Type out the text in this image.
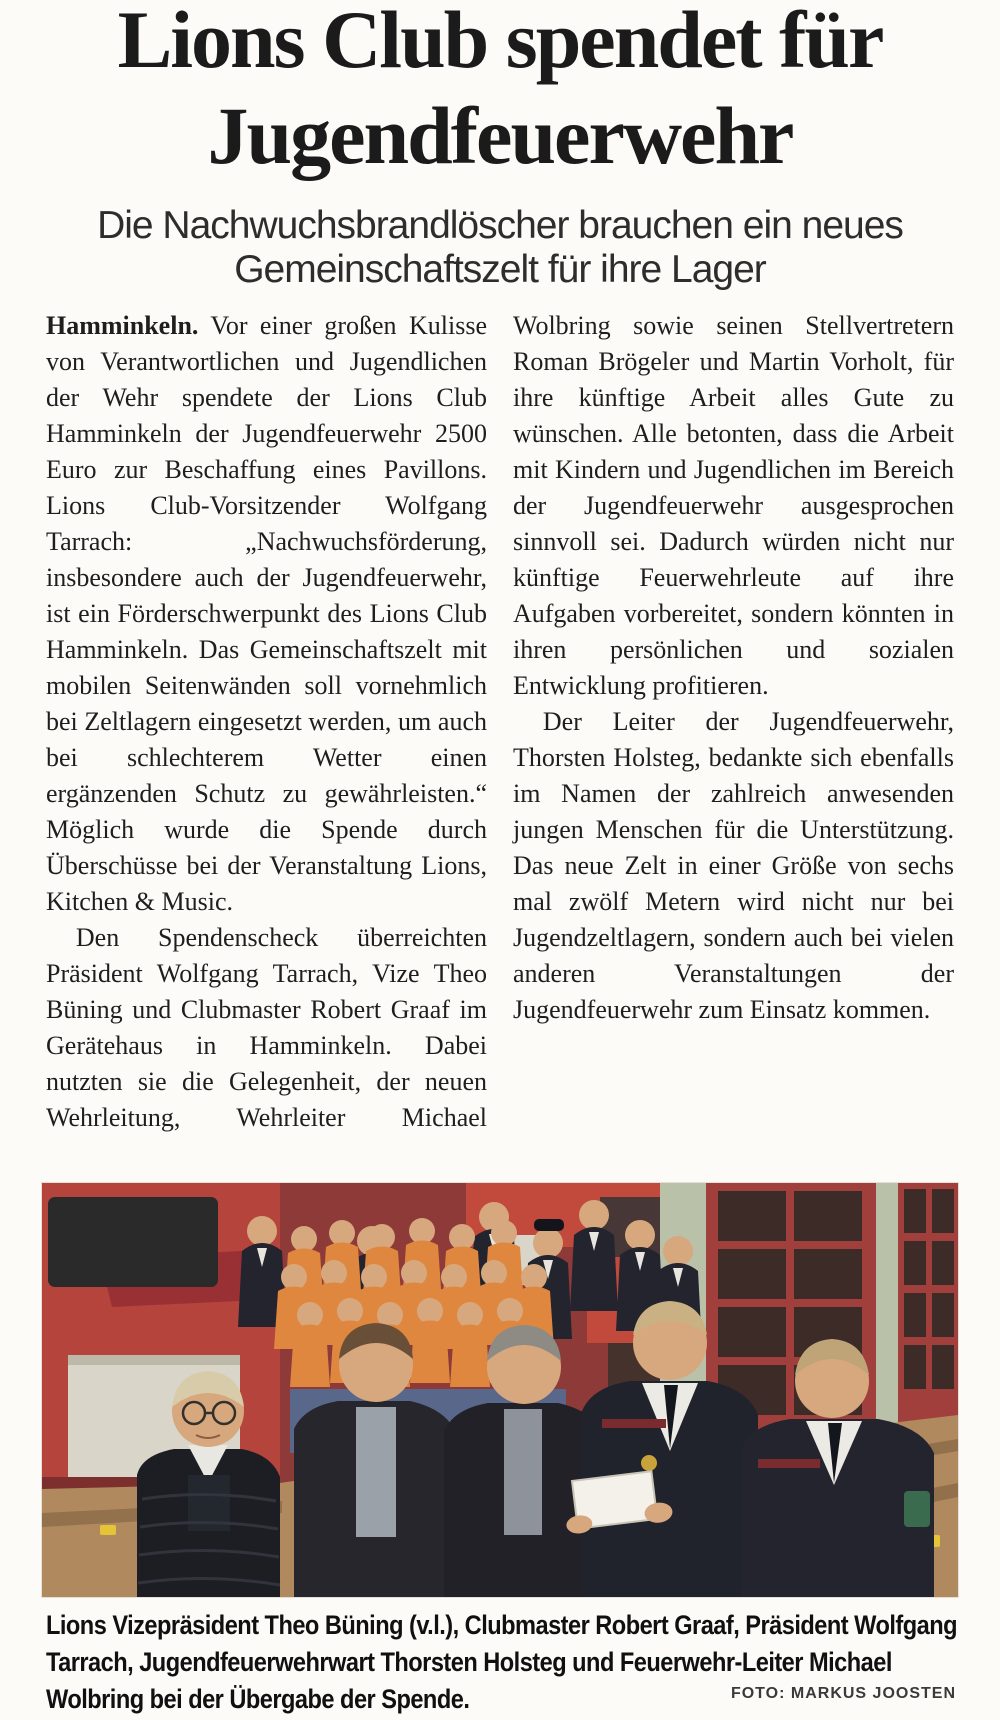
Lions Club spendet für
Jugendfeuerwehr
Die Nachwuchsbrandlöscher brauchen ein neues
Gemeinschaftszelt für ihre Lager

Hamminkeln. Vor einer großen Kulisse von Verantwortlichen und Jugendlichen der Wehr spendete der Lions Club Hamminkeln der Jugendfeuerwehr 2500 Euro zur Beschaffung eines Pavillons. Lions Club-Vorsitzender Wolfgang Tarrach: „Nachwuchsförderung, insbesondere auch der Jugendfeuerwehr, ist ein Förderschwerpunkt des Lions Club Hamminkeln. Das Gemeinschaftszelt mit mobilen Seitenwänden soll vornehmlich bei Zeltlagern eingesetzt werden, um auch bei schlechterem Wetter einen ergänzenden Schutz zu gewährleisten.“ Möglich wurde die Spende durch Überschüsse bei der Veranstaltung Lions, Kitchen & Music.

Den Spendenscheck überreichten Präsident Wolfgang Tarrach, Vize Theo Büning und Clubmaster Robert Graaf im Gerätehaus in Hamminkeln. Dabei nutzten sie die Gelegenheit, der neuen Wehrleitung, Wehrleiter Michael Wolbring sowie seinen Stellvertretern Roman Brögeler und Martin Vorholt, für ihre künftige Arbeit alles Gute zu wünschen. Alle betonten, dass die Arbeit mit Kindern und Jugendlichen im Bereich der Jugendfeuerwehr ausgesprochen sinnvoll sei. Dadurch würden nicht nur künftige Feuerwehrleute auf ihre Aufgaben vorbereitet, sondern könnten in ihren persönlichen und sozialen Entwicklung profitieren.

Der Leiter der Jugendfeuerwehr, Thorsten Holsteg, bedankte sich ebenfalls im Namen der zahlreich anwesenden jungen Menschen für die Unterstützung. Das neue Zelt in einer Größe von sechs mal zwölf Metern wird nicht nur bei Jugendzeltlagern, sondern auch bei vielen anderen Veranstaltungen der Jugendfeuerwehr zum Einsatz kommen.

Lions Vizepräsident Theo Büning (v.l.), Clubmaster Robert Graaf, Präsident Wolfgang Tarrach, Jugendfeuerwehrwart Thorsten Holsteg und Feuerwehr-Leiter Michael Wolbring bei der Übergabe der Spende.	FOTO: MARKUS JOOSTEN
